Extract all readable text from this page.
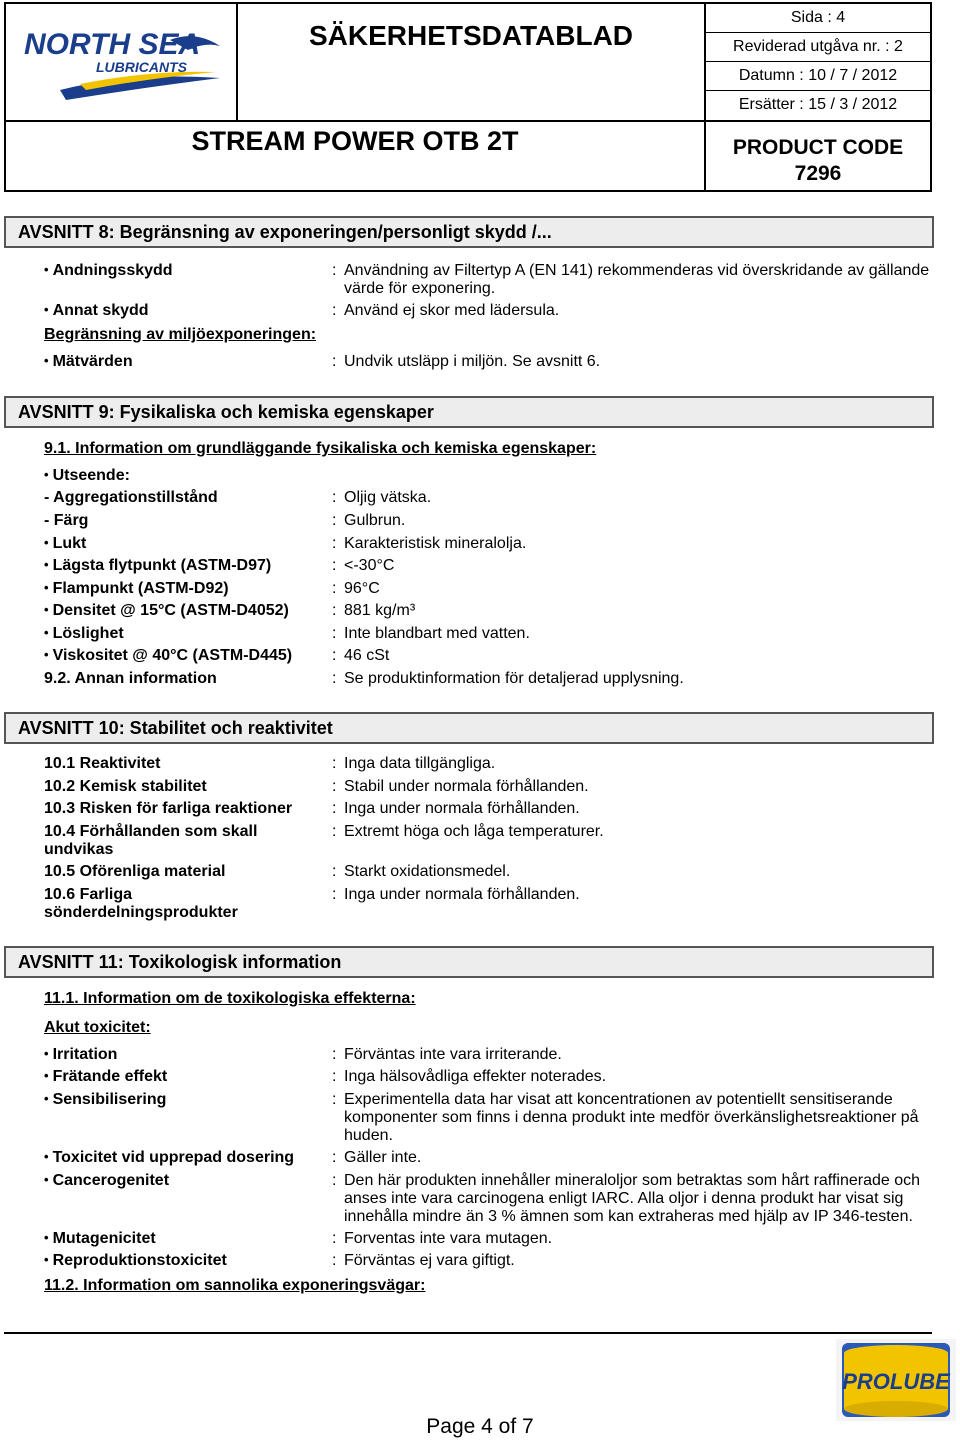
NORTH SEA
LUBRICANTS
SÄKERHETSDATABLAD
Sida : 4
Reviderad utgåva nr. : 2
Datumn : 10 / 7 / 2012
Ersätter : 15 / 3 / 2012
STREAM POWER OTB 2T	PRODUCT CODE
7296
AVSNITT 8: Begränsning av exponeringen/personligt skydd /...
• Andningsskydd	: Användning av Filtertyp A (EN 141) rekommenderas vid överskridande av gällande värde för exponering.
• Annat skydd	: Använd ej skor med lädersula.
Begränsning av miljöexponeringen:
• Mätvärden	: Undvik utsläpp i miljön. Se avsnitt 6.
AVSNITT 9: Fysikaliska och kemiska egenskaper
9.1. Information om grundläggande fysikaliska och kemiska egenskaper:
• Utseende:
- Aggregationstillstånd	: Oljig vätska.
- Färg	: Gulbrun.
• Lukt	: Karakteristisk mineralolja.
• Lägsta flytpunkt (ASTM-D97)	: <-30°C
• Flampunkt (ASTM-D92)	: 96°C
• Densitet @ 15°C (ASTM-D4052)	: 881 kg/m³
• Löslighet	: Inte blandbart med vatten.
• Viskositet @ 40°C (ASTM-D445)	: 46 cSt
9.2. Annan information	: Se produktinformation för detaljerad upplysning.
AVSNITT 10: Stabilitet och reaktivitet
10.1 Reaktivitet	: Inga data tillgängliga.
10.2 Kemisk stabilitet	: Stabil under normala förhållanden.
10.3 Risken för farliga reaktioner	: Inga under normala förhållanden.
10.4 Förhållanden som skall undvikas
: Extremt höga och låga temperaturer.
10.5 Oförenliga material	: Starkt oxidationsmedel.
10.6 Farliga sönderdelningsprodukter
: Inga under normala förhållanden.
AVSNITT 11: Toxikologisk information
11.1. Information om de toxikologiska effekterna:
Akut toxicitet:
• Irritation	: Förväntas inte vara irriterande.
• Frätande effekt	: Inga hälsovådliga effekter noterades.
• Sensibilisering	: Experimentella data har visat att koncentrationen av potentiellt sensitiserande komponenter som finns i denna produkt inte medför överkänslighetsreaktioner på huden.
• Toxicitet vid upprepad dosering	: Gäller inte.
• Cancerogenitet	: Den här produkten innehåller mineraloljor som betraktas som hårt raffinerade och anses inte vara carcinogena enligt IARC. Alla oljor i denna produkt har visat sig innehålla mindre än 3 % ämnen som kan extraheras med hjälp av IP 346-testen.
• Mutagenicitet	: Forventas inte vara mutagen.
• Reproduktionstoxicitet	: Förväntas ej vara giftigt.
11.2. Information om sannolika exponeringsvägar:
Page 4 of 7
PROLUBE
